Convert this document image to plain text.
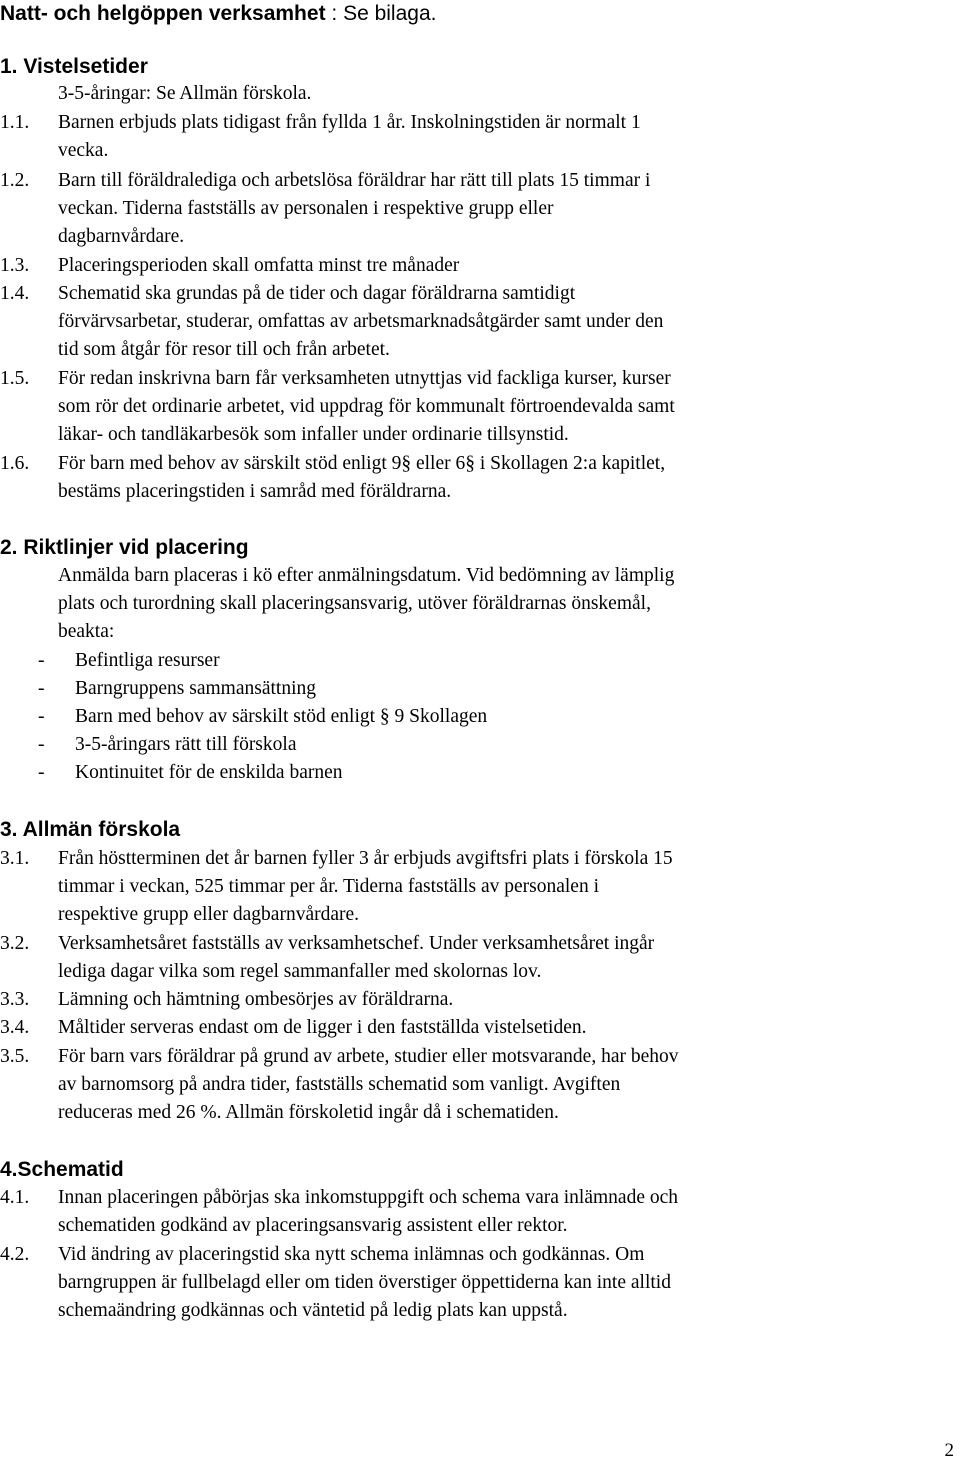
Natt- och helgöppen verksamhet : Se bilaga.
1. Vistelsetider
3-5-åringar: Se Allmän förskola.
1.1. Barnen erbjuds plats tidigast från fyllda 1 år. Inskolningstiden är normalt 1
vecka.
1.2. Barn till föräldralediga och arbetslösa föräldrar har rätt till plats 15 timmar i
veckan. Tiderna fastställs av personalen i respektive grupp eller
dagbarnvårdare.
1.3. Placeringsperioden skall omfatta minst tre månader
1.4. Schematid ska grundas på de tider och dagar föräldrarna samtidigt
förvärvsarbetar, studerar, omfattas av arbetsmarknadsåtgärder samt under den
tid som åtgår för resor till och från arbetet.
1.5. För redan inskrivna barn får verksamheten utnyttjas vid fackliga kurser, kurser
som rör det ordinarie arbetet, vid uppdrag för kommunalt förtroendevalda samt
läkar- och tandläkarbesök som infaller under ordinarie tillsynstid.
1.6. För barn med behov av särskilt stöd enligt 9§ eller 6§ i Skollagen 2:a kapitlet,
bestäms placeringstiden i samråd med föräldrarna.
2. Riktlinjer vid placering
Anmälda barn placeras i kö efter anmälningsdatum. Vid bedömning av lämplig
plats och turordning skall placeringsansvarig, utöver föräldrarnas önskemål,
beakta:
- Befintliga resurser
- Barngruppens sammansättning
- Barn med behov av särskilt stöd enligt § 9 Skollagen
- 3-5-åringars rätt till förskola
- Kontinuitet för de enskilda barnen
3. Allmän förskola
3.1. Från höstterminen det år barnen fyller 3 år erbjuds avgiftsfri plats i förskola 15
timmar i veckan, 525 timmar per år. Tiderna fastställs av personalen i
respektive grupp eller dagbarnvårdare.
3.2. Verksamhetsåret fastställs av verksamhetschef. Under verksamhetsåret ingår
lediga dagar vilka som regel sammanfaller med skolornas lov.
3.3. Lämning och hämtning ombesörjes av föräldrarna.
3.4. Måltider serveras endast om de ligger i den fastställda vistelsetiden.
3.5. För barn vars föräldrar på grund av arbete, studier eller motsvarande, har behov
av barnomsorg på andra tider, fastställs schematid som vanligt. Avgiften
reduceras med 26 %. Allmän förskoletid ingår då i schematiden.
4.Schematid
4.1. Innan placeringen påbörjas ska inkomstuppgift och schema vara inlämnade och
schematiden godkänd av placeringsansvarig assistent eller rektor.
4.2. Vid ändring av placeringstid ska nytt schema inlämnas och godkännas. Om
barngruppen är fullbelagd eller om tiden överstiger öppettiderna kan inte alltid
schemaändring godkännas och väntetid på ledig plats kan uppstå.
2
